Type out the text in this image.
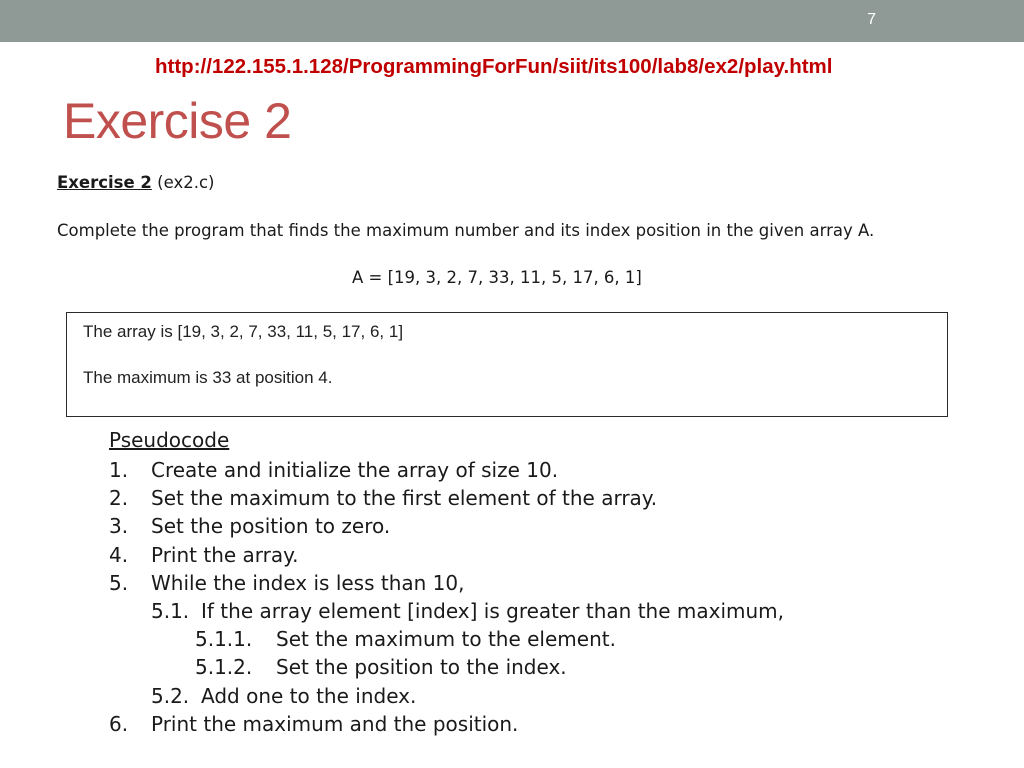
7
http://122.155.1.128/ProgrammingForFun/siit/its100/lab8/ex2/play.html
Exercise 2
Exercise 2 (ex2.c)
Complete the program that finds the maximum number and its index position in the given array A.
A = [19, 3, 2, 7, 33, 11, 5, 17, 6, 1]
The array is [19, 3, 2, 7, 33, 11, 5, 17, 6, 1]
The maximum is 33 at position 4.
Pseudocode
1. Create and initialize the array of size 10.
2. Set the maximum to the first element of the array.
3. Set the position to zero.
4. Print the array.
5. While the index is less than 10,
5.1. If the array element [index] is greater than the maximum,
5.1.1. Set the maximum to the element.
5.1.2. Set the position to the index.
5.2. Add one to the index.
6. Print the maximum and the position.
